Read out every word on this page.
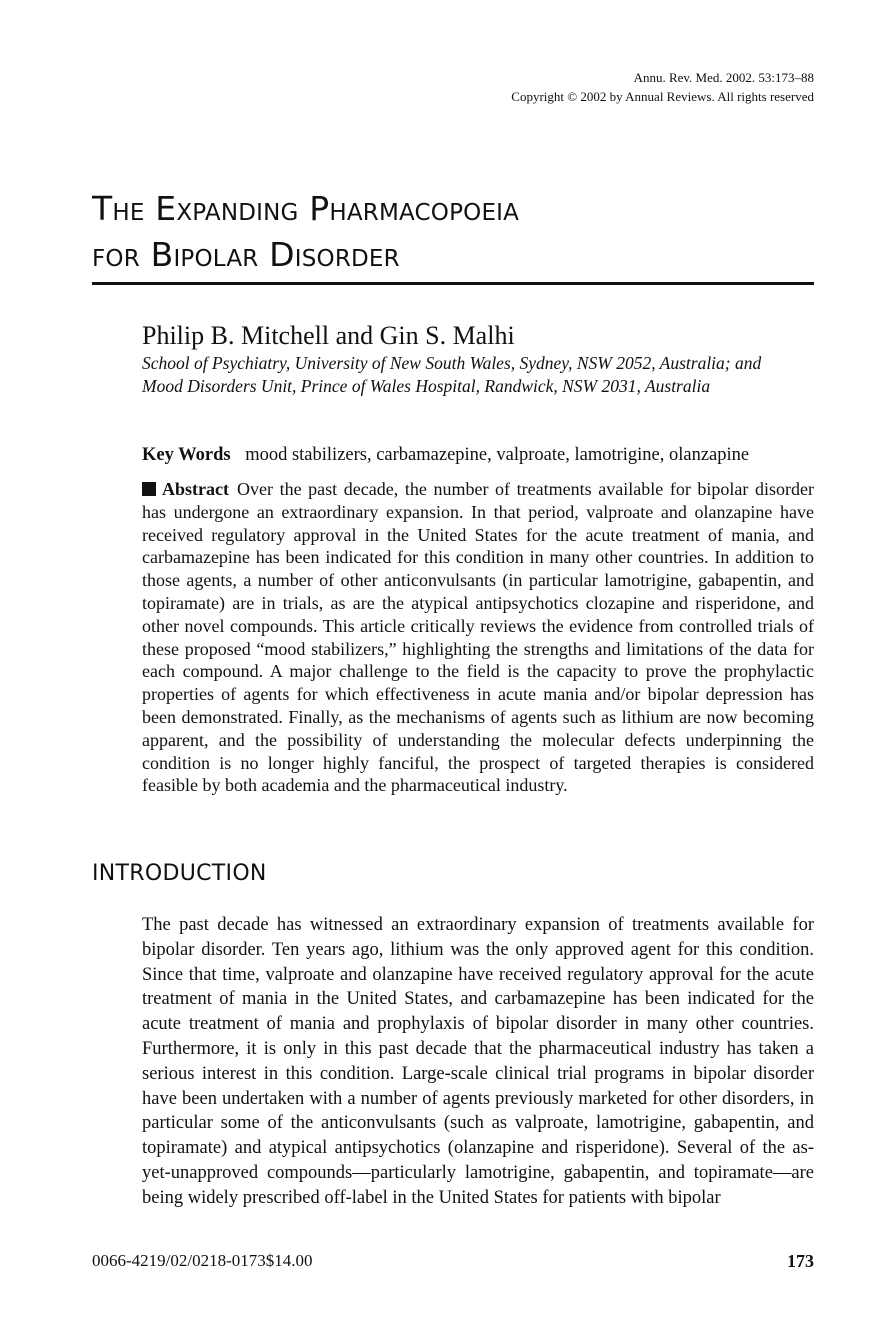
Annu. Rev. Med. 2002. 53:173–88
Copyright © 2002 by Annual Reviews. All rights reserved
The Expanding Pharmacopoeia
for Bipolar Disorder
Philip B. Mitchell and Gin S. Malhi
School of Psychiatry, University of New South Wales, Sydney, NSW 2052, Australia; and
Mood Disorders Unit, Prince of Wales Hospital, Randwick, NSW 2031, Australia
Key Words mood stabilizers, carbamazepine, valproate, lamotrigine, olanzapine

Abstract Over the past decade, the number of treatments available for bipolar disorder has undergone an extraordinary expansion. In that period, valproate and olanzapine have received regulatory approval in the United States for the acute treatment of mania, and carbamazepine has been indicated for this condition in many other countries. In addition to those agents, a number of other anticonvulsants (in particular lamotrigine, gabapentin, and topiramate) are in trials, as are the atypical antipsychotics clozapine and risperidone, and other novel compounds. This article critically reviews the evidence from controlled trials of these proposed “mood stabilizers,” highlighting the strengths and limitations of the data for each compound. A major challenge to the field is the capacity to prove the prophylactic properties of agents for which effectiveness in acute mania and/or bipolar depression has been demonstrated. Finally, as the mechanisms of agents such as lithium are now becoming apparent, and the possibility of understanding the molecular defects underpinning the condition is no longer highly fanciful, the prospect of targeted therapies is considered feasible by both academia and the pharmaceutical industry.

INTRODUCTION

The past decade has witnessed an extraordinary expansion of treatments available for bipolar disorder. Ten years ago, lithium was the only approved agent for this condition. Since that time, valproate and olanzapine have received regulatory approval for the acute treatment of mania in the United States, and carbamazepine has been indicated for the acute treatment of mania and prophylaxis of bipolar disorder in many other countries. Furthermore, it is only in this past decade that the pharmaceutical industry has taken a serious interest in this condition. Large-scale clinical trial programs in bipolar disorder have been undertaken with a number of agents previously marketed for other disorders, in particular some of the anticonvulsants (such as valproate, lamotrigine, gabapentin, and topiramate) and atypical antipsychotics (olanzapine and risperidone). Several of the as-yet-unapproved compounds—particularly lamotrigine, gabapentin, and topiramate—are being widely prescribed off-label in the United States for patients with bipolar

0066-4219/02/0218-0173$14.00	173
